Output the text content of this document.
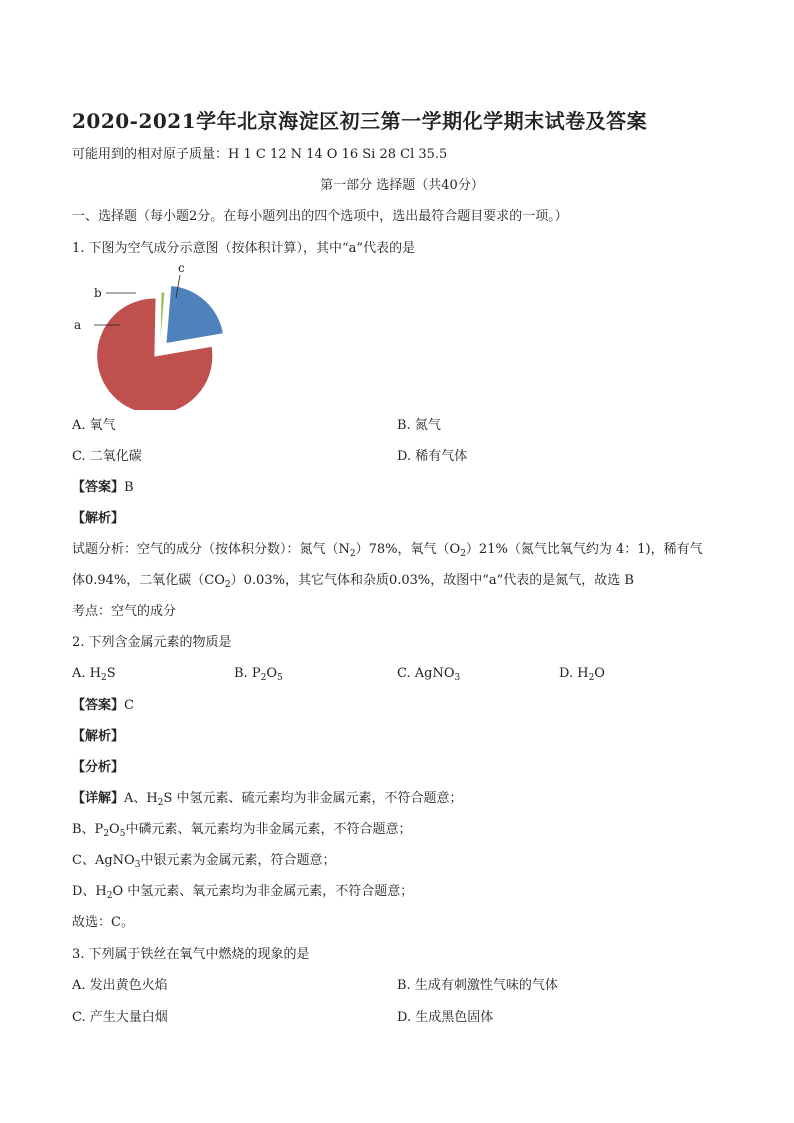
2020-2021学年北京海淀区初三第一学期化学期末试卷及答案
可能用到的相对原子质量：H 1 C 12 N 14 O 16 Si 28 Cl 35.5
第一部分 选择题（共40分）
一、选择题（每小题2分。在每小题列出的四个选项中，选出最符合题目要求的一项。）
1. 下图为空气成分示意图（按体积计算），其中“a”代表的是
b
c
a
A. 氧气	B. 氮气
C. 二氧化碳	D. 稀有气体
【答案】B
【解析】
试题分析：空气的成分（按体积分数）：氮气$(N_2)78\%$，氧气$(O_2)21\%$（氮气比氧气约为 4：1)，稀有气
体0.94%，二氧化碳$(CO_2)0.03\%$，其它气体和杂质0.03%，故图中“a”代表的是氮气，故选 B
考点：空气的成分
2. 下列含金属元素的物质是
A. $H_2S$	B. $P_2O_5$	C. AgNO$_3$	D. $H_2O$
【答案】C
【解析】
【分析】
【详解】A、$H_2S$ 中氢元素、硫元素均为非金属元素，不符合题意；
B、$P_2O_5$中磷元素、氧元素均为非金属元素，不符合题意；
C、AgNO$_3$中银元素为金属元素，符合题意；
D、$H_2O$ 中氢元素、氧元素均为非金属元素，不符合题意；
故选：C。
3. 下列属于铁丝在氧气中燃烧的现象的是
A. 发出黄色火焰	B. 生成有刺激性气味的气体
C. 产生大量白烟	D. 生成黑色固体
